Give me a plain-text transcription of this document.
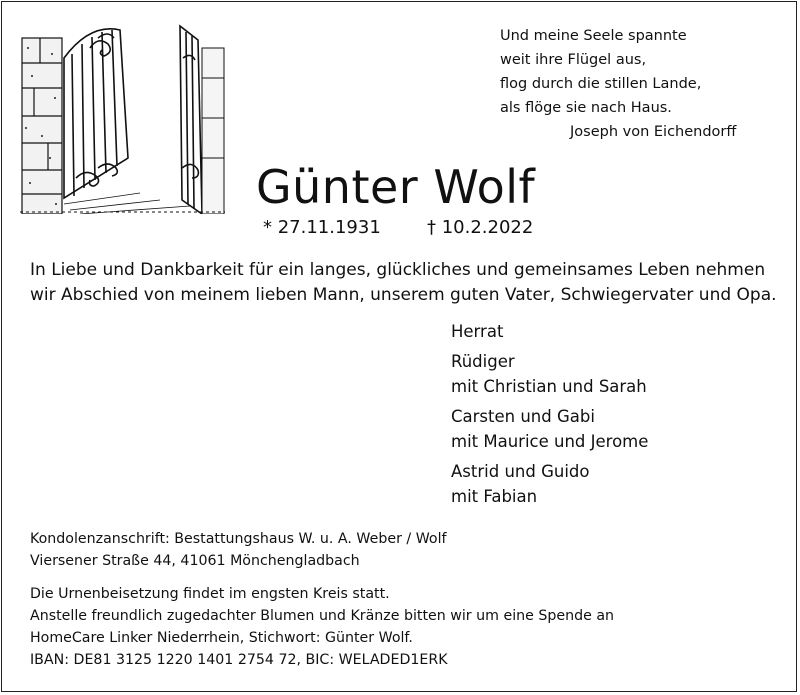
Und meine Seele spannte
weit ihre Flügel aus,
flog durch die stillen Lande,
als flöge sie nach Haus.
Joseph von Eichendorff
Günter Wolf
* 27.11.1931	† 10.2.2022
In Liebe und Dankbarkeit für ein langes, glückliches und gemeinsames Leben nehmen
wir Abschied von meinem lieben Mann, unserem guten Vater, Schwiegervater und Opa.
Herrat
Rüdiger
mit Christian und Sarah
Carsten und Gabi
mit Maurice und Jerome
Astrid und Guido
mit Fabian
Kondolenzanschrift: Bestattungshaus W. u. A. Weber / Wolf
Viersener Straße 44, 41061 Mönchengladbach
Die Urnenbeisetzung findet im engsten Kreis statt.
Anstelle freundlich zugedachter Blumen und Kränze bitten wir um eine Spende an
HomeCare Linker Niederrhein, Stichwort: Günter Wolf.
IBAN: DE81 3125 1220 1401 2754 72, BIC: WELADED1ERK
